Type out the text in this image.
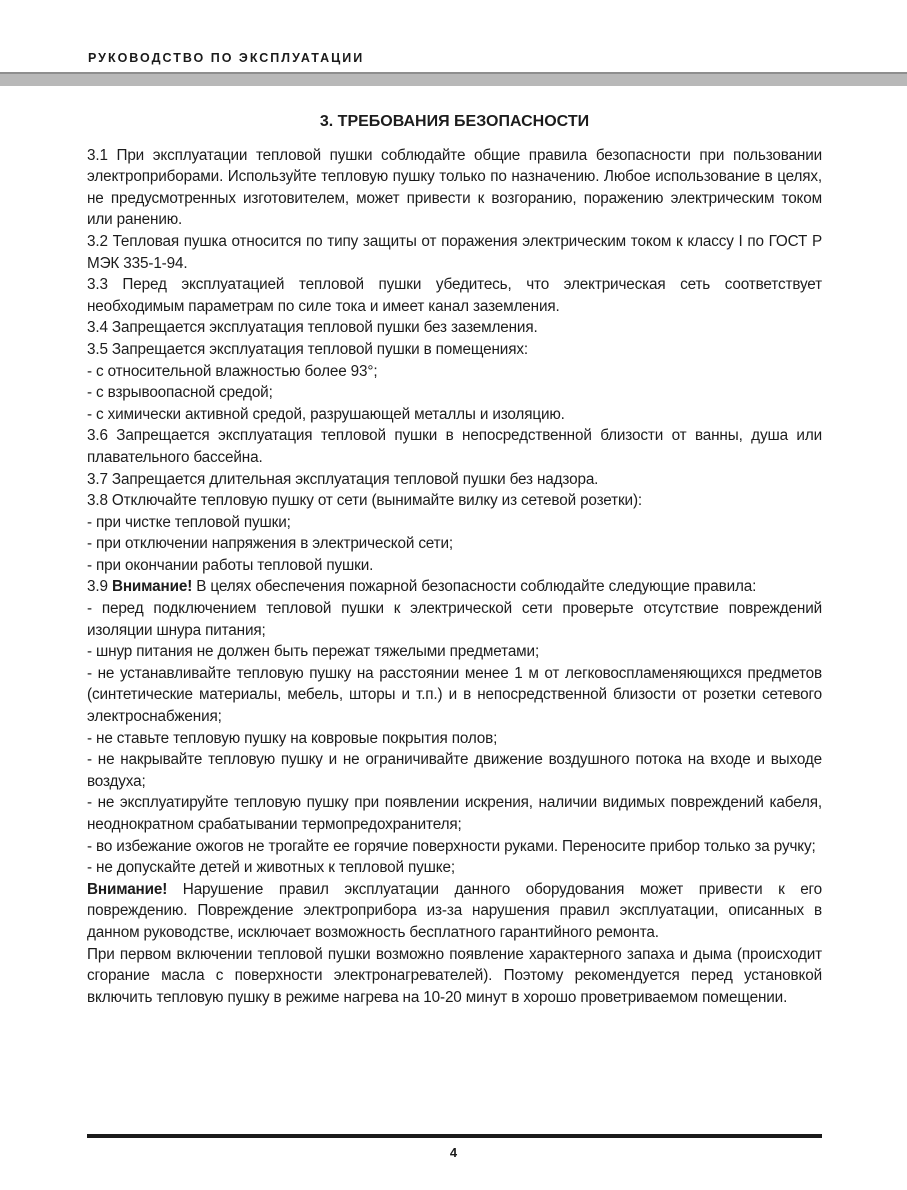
РУКОВОДСТВО ПО ЭКСПЛУАТАЦИИ
3. ТРЕБОВАНИЯ БЕЗОПАСНОСТИ

3.1 При эксплуатации тепловой пушки соблюдайте общие правила безопасности при пользовании электроприборами. Используйте тепловую пушку только по назначению. Любое использование в целях, не предусмотренных изготовителем, может привести к возгоранию, поражению электрическим током или ранению.

3.2 Тепловая пушка относится по типу защиты от поражения электрическим током к классу I по ГОСТ Р МЭК 335-1-94.

3.3 Перед эксплуатацией тепловой пушки убедитесь, что электрическая сеть соответствует необходимым параметрам по силе тока и имеет канал заземления.

3.4 Запрещается эксплуатация тепловой пушки без заземления.

3.5 Запрещается эксплуатация тепловой пушки в помещениях:

- с относительной влажностью более 93°;

- с взрывоопасной средой;

- с химически активной средой, разрушающей металлы и изоляцию.

3.6 Запрещается эксплуатация тепловой пушки в непосредственной близости от ванны, душа или плавательного бассейна.

3.7 Запрещается длительная эксплуатация тепловой пушки без надзора.

3.8 Отключайте тепловую пушку от сети (вынимайте вилку из сетевой розетки):

- при чистке тепловой пушки;

- при отключении напряжения в электрической сети;

- при окончании работы тепловой пушки.

3.9 Внимание! В целях обеспечения пожарной безопасности соблюдайте следующие правила:

- перед подключением тепловой пушки к электрической сети проверьте отсутствие повреждений изоляции шнура питания;

- шнур питания не должен быть пережат тяжелыми предметами;

- не устанавливайте тепловую пушку на расстоянии менее 1 м от легковоспламеняющихся предметов (синтетические материалы, мебель, шторы и т.п.) и в непосредственной близости от розетки сетевого электроснабжения;

- не ставьте тепловую пушку на ковровые покрытия полов;

- не накрывайте тепловую пушку и не ограничивайте движение воздушного потока на входе и выходе воздуха;

- не эксплуатируйте тепловую пушку при появлении искрения, наличии видимых повреждений кабеля, неоднократном срабатывании термопредохранителя;

- во избежание ожогов не трогайте ее горячие поверхности руками. Переносите прибор только за ручку;

- не допускайте детей и животных к тепловой пушке;

Внимание! Нарушение правил эксплуатации данного оборудования может привести к его повреждению. Повреждение электроприбора из-за нарушения правил эксплуатации, описанных в данном руководстве, исключает возможность бесплатного гарантийного ремонта.

При первом включении тепловой пушки возможно появление характерного запаха и дыма (происходит сгорание масла с поверхности электронагревателей). Поэтому рекомендуется перед установкой включить тепловую пушку в режиме нагрева на 10-20 минут в хорошо проветриваемом помещении.

4
